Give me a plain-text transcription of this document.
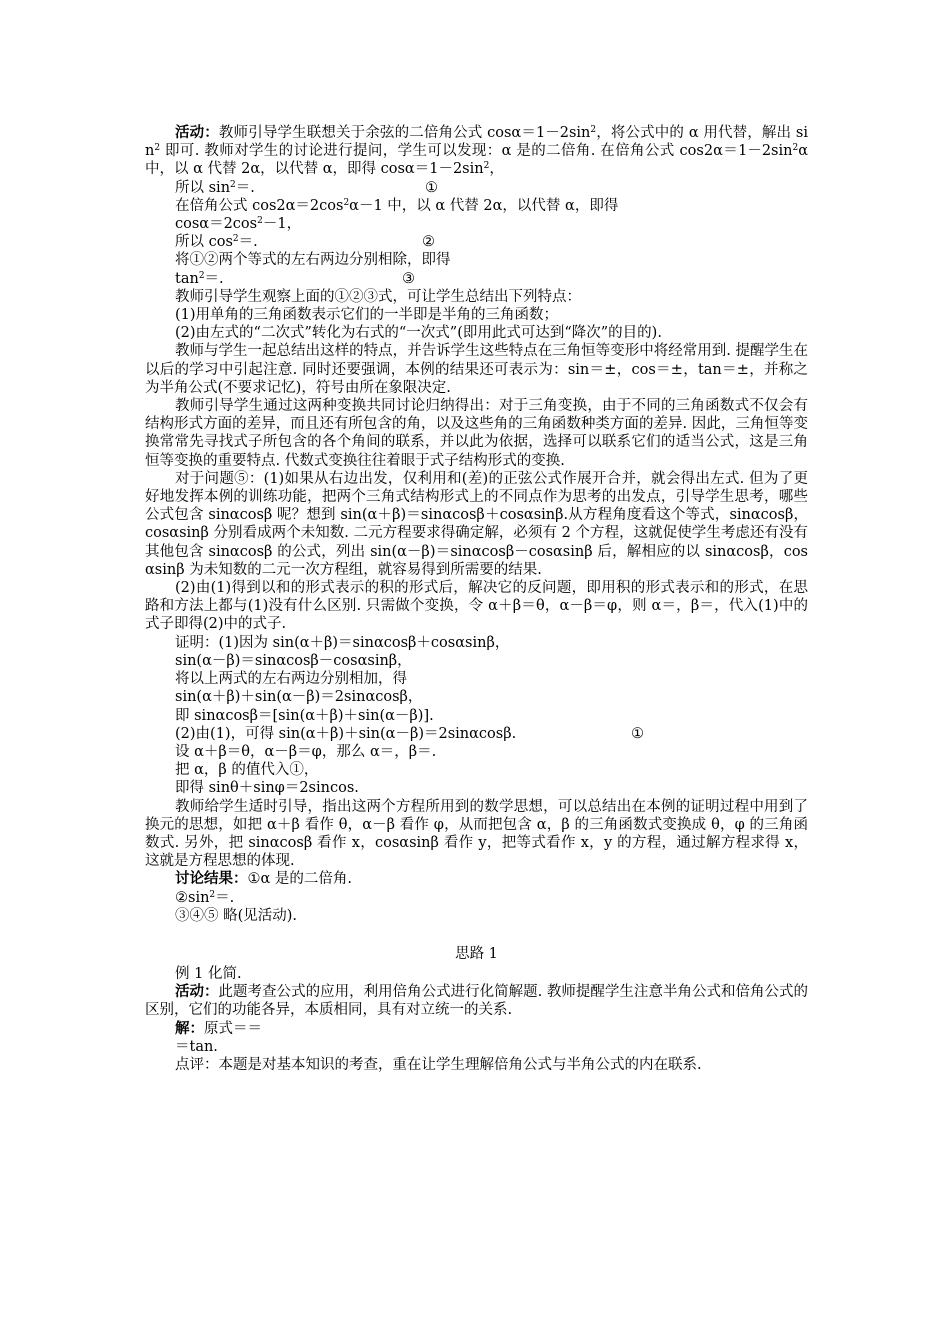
活动：教师引导学生联想关于余弦的二倍角公式 $\cos\alpha=1-2\sin^2$，将公式中的 α 用代替，解出 $\sin^2$ 即可. 教师对学生的讨论进行提问，学生可以发现：α 是的二倍角. 在倍角公式 $\cos 2\alpha=1-2\sin^2\alpha$ 中，以 α 代替 2α，以代替 α，即得 $\cos\alpha=1-2\sin^2$，

所以 $\sin^2=$.	①

在倍角公式 $\cos 2\alpha=2\cos^2\alpha-1$ 中，以 α 代替 2α，以代替 α，即得

$\cos\alpha=2\cos^2-1$，

所以 $\cos^2=$.	②

将①②两个等式的左右两边分别相除，即得

$\tan^2=$.	③

教师引导学生观察上面的①②③式，可让学生总结出下列特点：

(1)用单角的三角函数表示它们的一半即是半角的三角函数；

(2)由左式的“二次式”转化为右式的“一次式”(即用此式可达到“降次”的目的).

教师与学生一起总结出这样的特点，并告诉学生这些特点在三角恒等变形中将经常用到. 提醒学生在以后的学习中引起注意. 同时还要强调，本例的结果还可表示为：sin＝±，cos＝±，tan＝±，并称之为半角公式(不要求记忆)，符号由所在象限决定.

教师引导学生通过这两种变换共同讨论归纳得出：对于三角变换，由于不同的三角函数式不仅会有结构形式方面的差异，而且还有所包含的角，以及这些角的三角函数种类方面的差异. 因此，三角恒等变换常常先寻找式子所包含的各个角间的联系，并以此为依据，选择可以联系它们的适当公式，这是三角恒等变换的重要特点. 代数式变换往往着眼于式子结构形式的变换.

对于问题⑤：(1)如果从右边出发，仅利用和(差)的正弦公式作展开合并，就会得出左式. 但为了更好地发挥本例的训练功能，把两个三角式结构形式上的不同点作为思考的出发点，引导学生思考，哪些公式包含 sinαcosβ 呢？想到 sin(α＋β)＝sinαcosβ＋cosαsinβ.从方程角度看这个等式，sinαcosβ，cosαsinβ 分别看成两个未知数. 二元方程要求得确定解，必须有 2 个方程，这就促使学生考虑还有没有其他包含 sinαcosβ 的公式，列出 sin(α－β)＝sinαcosβ－cosαsinβ 后，解相应的以 sinαcosβ，cosαsinβ 为未知数的二元一次方程组，就容易得到所需要的结果.

(2)由(1)得到以和的形式表示的积的形式后，解决它的反问题，即用积的形式表示和的形式，在思路和方法上都与(1)没有什么区别. 只需做个变换，令 α＋β＝θ，α－β＝φ，则 α＝，β＝，代入(1)中的式子即得(2)中的式子.

证明：(1)因为 sin(α＋β)＝sinαcosβ＋cosαsinβ，

sin(α－β)＝sinαcosβ－cosαsinβ，

将以上两式的左右两边分别相加，得

sin(α＋β)＋sin(α－β)＝2sinαcosβ，

即 sinαcosβ＝[sin(α＋β)＋sin(α－β)].

(2)由(1)，可得 sin(α＋β)＋sin(α－β)＝2sinαcosβ.	①

设 α＋β＝θ，α－β＝φ，那么 α＝，β＝.

把 α，β 的值代入①，

即得 sinθ＋sinφ＝2sincos.

教师给学生适时引导，指出这两个方程所用到的数学思想，可以总结出在本例的证明过程中用到了换元的思想，如把 α＋β 看作 θ，α－β 看作 φ，从而把包含 α，β 的三角函数式变换成 θ，φ 的三角函数式. 另外，把 sinαcosβ 看作 x，cosαsinβ 看作 y，把等式看作 x，y 的方程，通过解方程求得 x，这就是方程思想的体现.

讨论结果：①α 是的二倍角.

$②\sin^2=$.

③④⑤ 略(见活动).

思路 1

例 1 化简.

活动：此题考查公式的应用，利用倍角公式进行化简解题. 教师提醒学生注意半角公式和倍角公式的区别，它们的功能各异，本质相同，具有对立统一的关系.

解：原式＝＝

＝tan.

点评：本题是对基本知识的考查，重在让学生理解倍角公式与半角公式的内在联系.
